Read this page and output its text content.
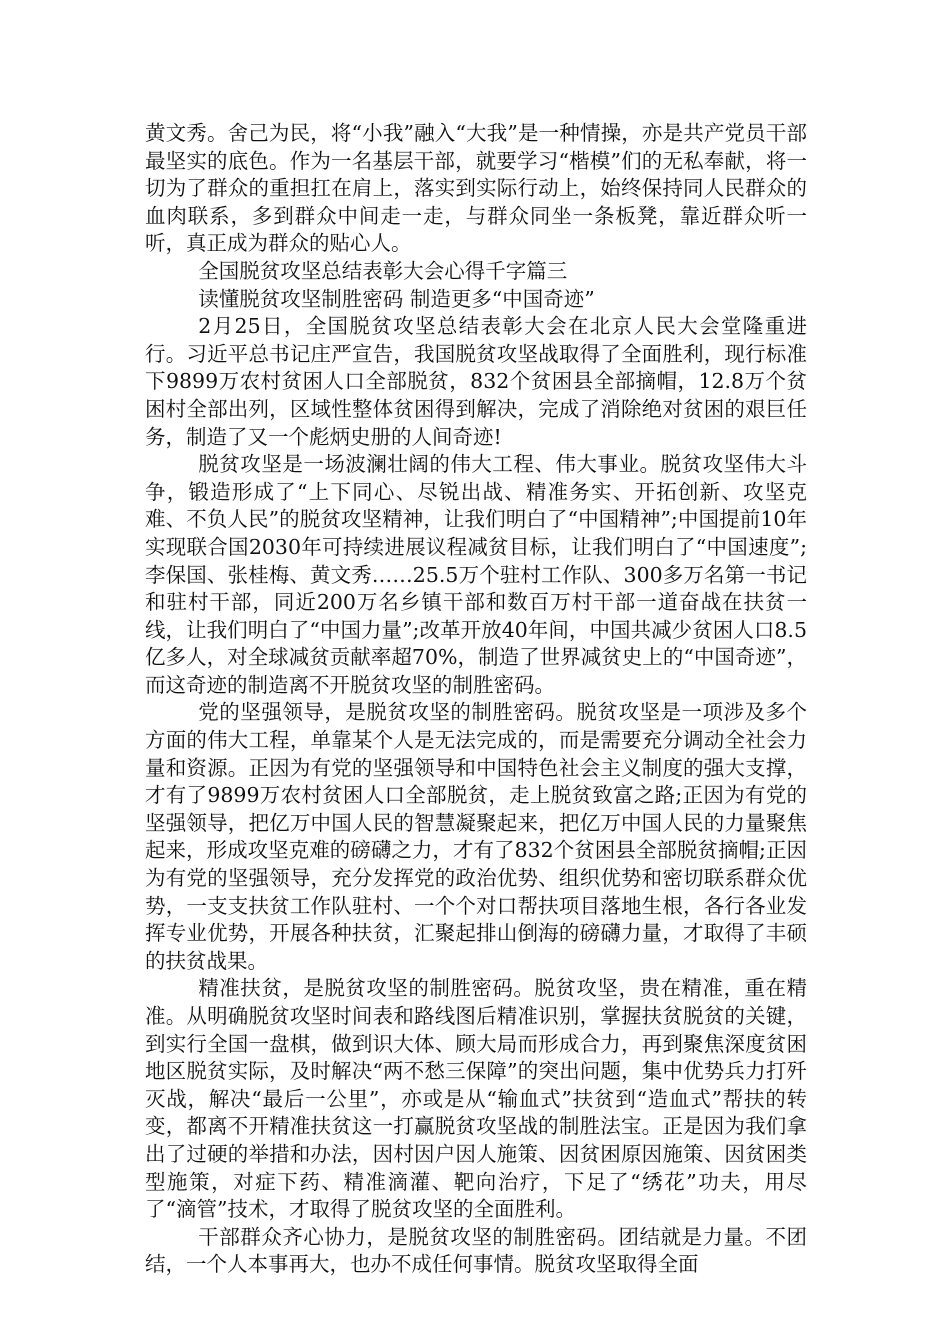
黄文秀。舍己为民，将“小我”融入“大我”是一种情操，亦是共产党员干部最坚实的底色。作为一名基层干部，就要学习“楷模”们的无私奉献，将一切为了群众的重担扛在肩上，落实到实际行动上，始终保持同人民群众的血肉联系，多到群众中间走一走，与群众同坐一条板凳，靠近群众听一听，真正成为群众的贴心人。

全国脱贫攻坚总结表彰大会心得千字篇三

读懂脱贫攻坚制胜密码 制造更多“中国奇迹”

2月25日，全国脱贫攻坚总结表彰大会在北京人民大会堂隆重进行。习近平总书记庄严宣告，我国脱贫攻坚战取得了全面胜利，现行标准下9899万农村贫困人口全部脱贫，832个贫困县全部摘帽，12.8万个贫困村全部出列，区域性整体贫困得到解决，完成了消除绝对贫困的艰巨任务，制造了又一个彪炳史册的人间奇迹!

脱贫攻坚是一场波澜壮阔的伟大工程、伟大事业。脱贫攻坚伟大斗争，锻造形成了“上下同心、尽锐出战、精准务实、开拓创新、攻坚克难、不负人民”的脱贫攻坚精神，让我们明白了“中国精神”;中国提前10年实现联合国2030年可持续进展议程减贫目标，让我们明白了“中国速度”;李保国、张桂梅、黄文秀……25.5万个驻村工作队、300多万名第一书记和驻村干部，同近200万名乡镇干部和数百万村干部一道奋战在扶贫一线，让我们明白了“中国力量”;改革开放40年间，中国共减少贫困人口8.5亿多人，对全球减贫贡献率超70%，制造了世界减贫史上的“中国奇迹”，而这奇迹的制造离不开脱贫攻坚的制胜密码。

党的坚强领导，是脱贫攻坚的制胜密码。脱贫攻坚是一项涉及多个方面的伟大工程，单靠某个人是无法完成的，而是需要充分调动全社会力量和资源。正因为有党的坚强领导和中国特色社会主义制度的强大支撑，才有了9899万农村贫困人口全部脱贫，走上脱贫致富之路;正因为有党的坚强领导，把亿万中国人民的智慧凝聚起来，把亿万中国人民的力量聚焦起来，形成攻坚克难的磅礴之力，才有了832个贫困县全部脱贫摘帽;正因为有党的坚强领导，充分发挥党的政治优势、组织优势和密切联系群众优势，一支支扶贫工作队驻村、一个个对口帮扶项目落地生根，各行各业发挥专业优势，开展各种扶贫，汇聚起排山倒海的磅礴力量，才取得了丰硕的扶贫战果。

精准扶贫，是脱贫攻坚的制胜密码。脱贫攻坚，贵在精准，重在精准。从明确脱贫攻坚时间表和路线图后精准识别，掌握扶贫脱贫的关键，到实行全国一盘棋，做到识大体、顾大局而形成合力，再到聚焦深度贫困地区脱贫实际，及时解决“两不愁三保障”的突出问题，集中优势兵力打歼灭战，解决“最后一公里”，亦或是从“输血式”扶贫到“造血式”帮扶的转变，都离不开精准扶贫这一打赢脱贫攻坚战的制胜法宝。正是因为我们拿出了过硬的举措和办法，因村因户因人施策、因贫困原因施策、因贫困类型施策，对症下药、精准滴灌、靶向治疗，下足了“绣花”功夫，用尽了“滴管”技术，才取得了脱贫攻坚的全面胜利。

干部群众齐心协力，是脱贫攻坚的制胜密码。团结就是力量。不团结，一个人本事再大，也办不成任何事情。脱贫攻坚取得全面
